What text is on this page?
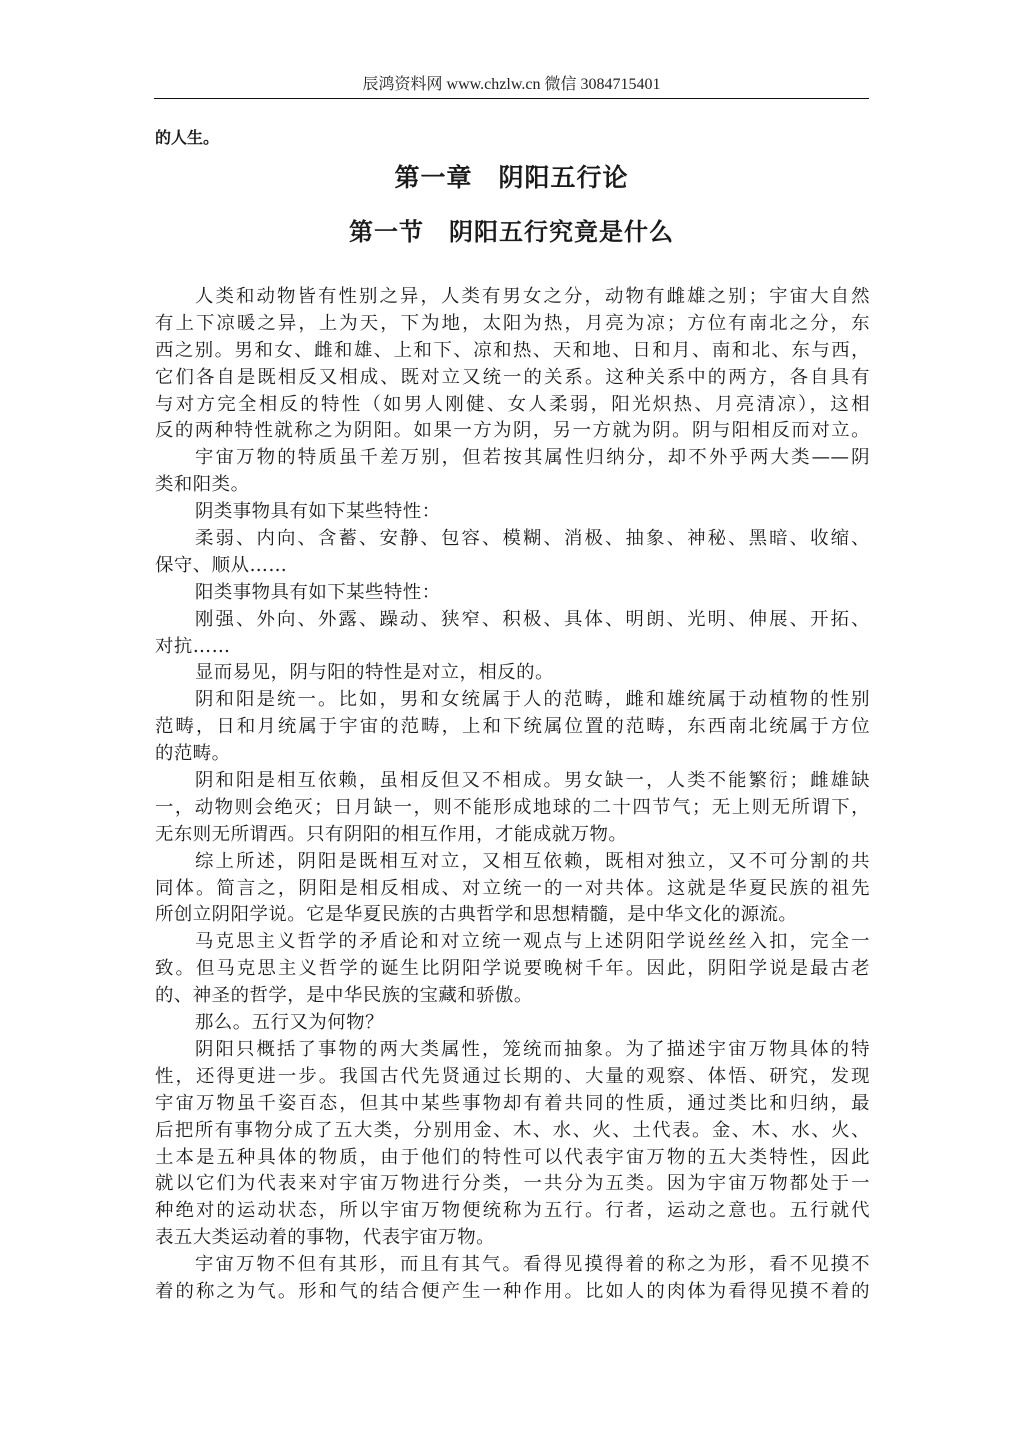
辰鸿资料网 www.chzlw.cn 微信 3084715401
的人生。
第一章　阴阳五行论
第一节　阴阳五行究竟是什么
人类和动物皆有性别之异，人类有男女之分，动物有雌雄之别；宇宙大自然
有上下凉暖之异，上为天，下为地，太阳为热，月亮为凉；方位有南北之分，东
西之别。男和女、雌和雄、上和下、凉和热、天和地、日和月、南和北、东与西，
它们各自是既相反又相成、既对立又统一的关系。这种关系中的两方，各自具有
与对方完全相反的特性（如男人刚健、女人柔弱，阳光炽热、月亮清凉），这相
反的两种特性就称之为阴阳。如果一方为阴，另一方就为阴。阴与阳相反而对立。
宇宙万物的特质虽千差万别，但若按其属性归纳分，却不外乎两大类——阴
类和阳类。
阴类事物具有如下某些特性：
柔弱、内向、含蓄、安静、包容、模糊、消极、抽象、神秘、黑暗、收缩、
保守、顺从……
阳类事物具有如下某些特性：
刚强、外向、外露、躁动、狭窄、积极、具体、明朗、光明、伸展、开拓、
对抗……
显而易见，阴与阳的特性是对立，相反的。
阴和阳是统一。比如，男和女统属于人的范畴，雌和雄统属于动植物的性别
范畴，日和月统属于宇宙的范畴，上和下统属位置的范畴，东西南北统属于方位
的范畴。
阴和阳是相互依赖，虽相反但又不相成。男女缺一，人类不能繁衍；雌雄缺
一，动物则会绝灭；日月缺一，则不能形成地球的二十四节气；无上则无所谓下，
无东则无所谓西。只有阴阳的相互作用，才能成就万物。
综上所述，阴阳是既相互对立，又相互依赖，既相对独立，又不可分割的共
同体。简言之，阴阳是相反相成、对立统一的一对共体。这就是华夏民族的祖先
所创立阴阳学说。它是华夏民族的古典哲学和思想精髓，是中华文化的源流。
马克思主义哲学的矛盾论和对立统一观点与上述阴阳学说丝丝入扣，完全一
致。但马克思主义哲学的诞生比阴阳学说要晚树千年。因此，阴阳学说是最古老
的、神圣的哲学，是中华民族的宝藏和骄傲。
那么。五行又为何物？
阴阳只概括了事物的两大类属性，笼统而抽象。为了描述宇宙万物具体的特
性，还得更进一步。我国古代先贤通过长期的、大量的观察、体悟、研究，发现
宇宙万物虽千姿百态，但其中某些事物却有着共同的性质，通过类比和归纳，最
后把所有事物分成了五大类，分别用金、木、水、火、土代表。金、木、水、火、
土本是五种具体的物质，由于他们的特性可以代表宇宙万物的五大类特性，因此
就以它们为代表来对宇宙万物进行分类，一共分为五类。因为宇宙万物都处于一
种绝对的运动状态，所以宇宙万物便统称为五行。行者，运动之意也。五行就代
表五大类运动着的事物，代表宇宙万物。
宇宙万物不但有其形，而且有其气。看得见摸得着的称之为形，看不见摸不
着的称之为气。形和气的结合便产生一种作用。比如人的肉体为看得见摸不着的
